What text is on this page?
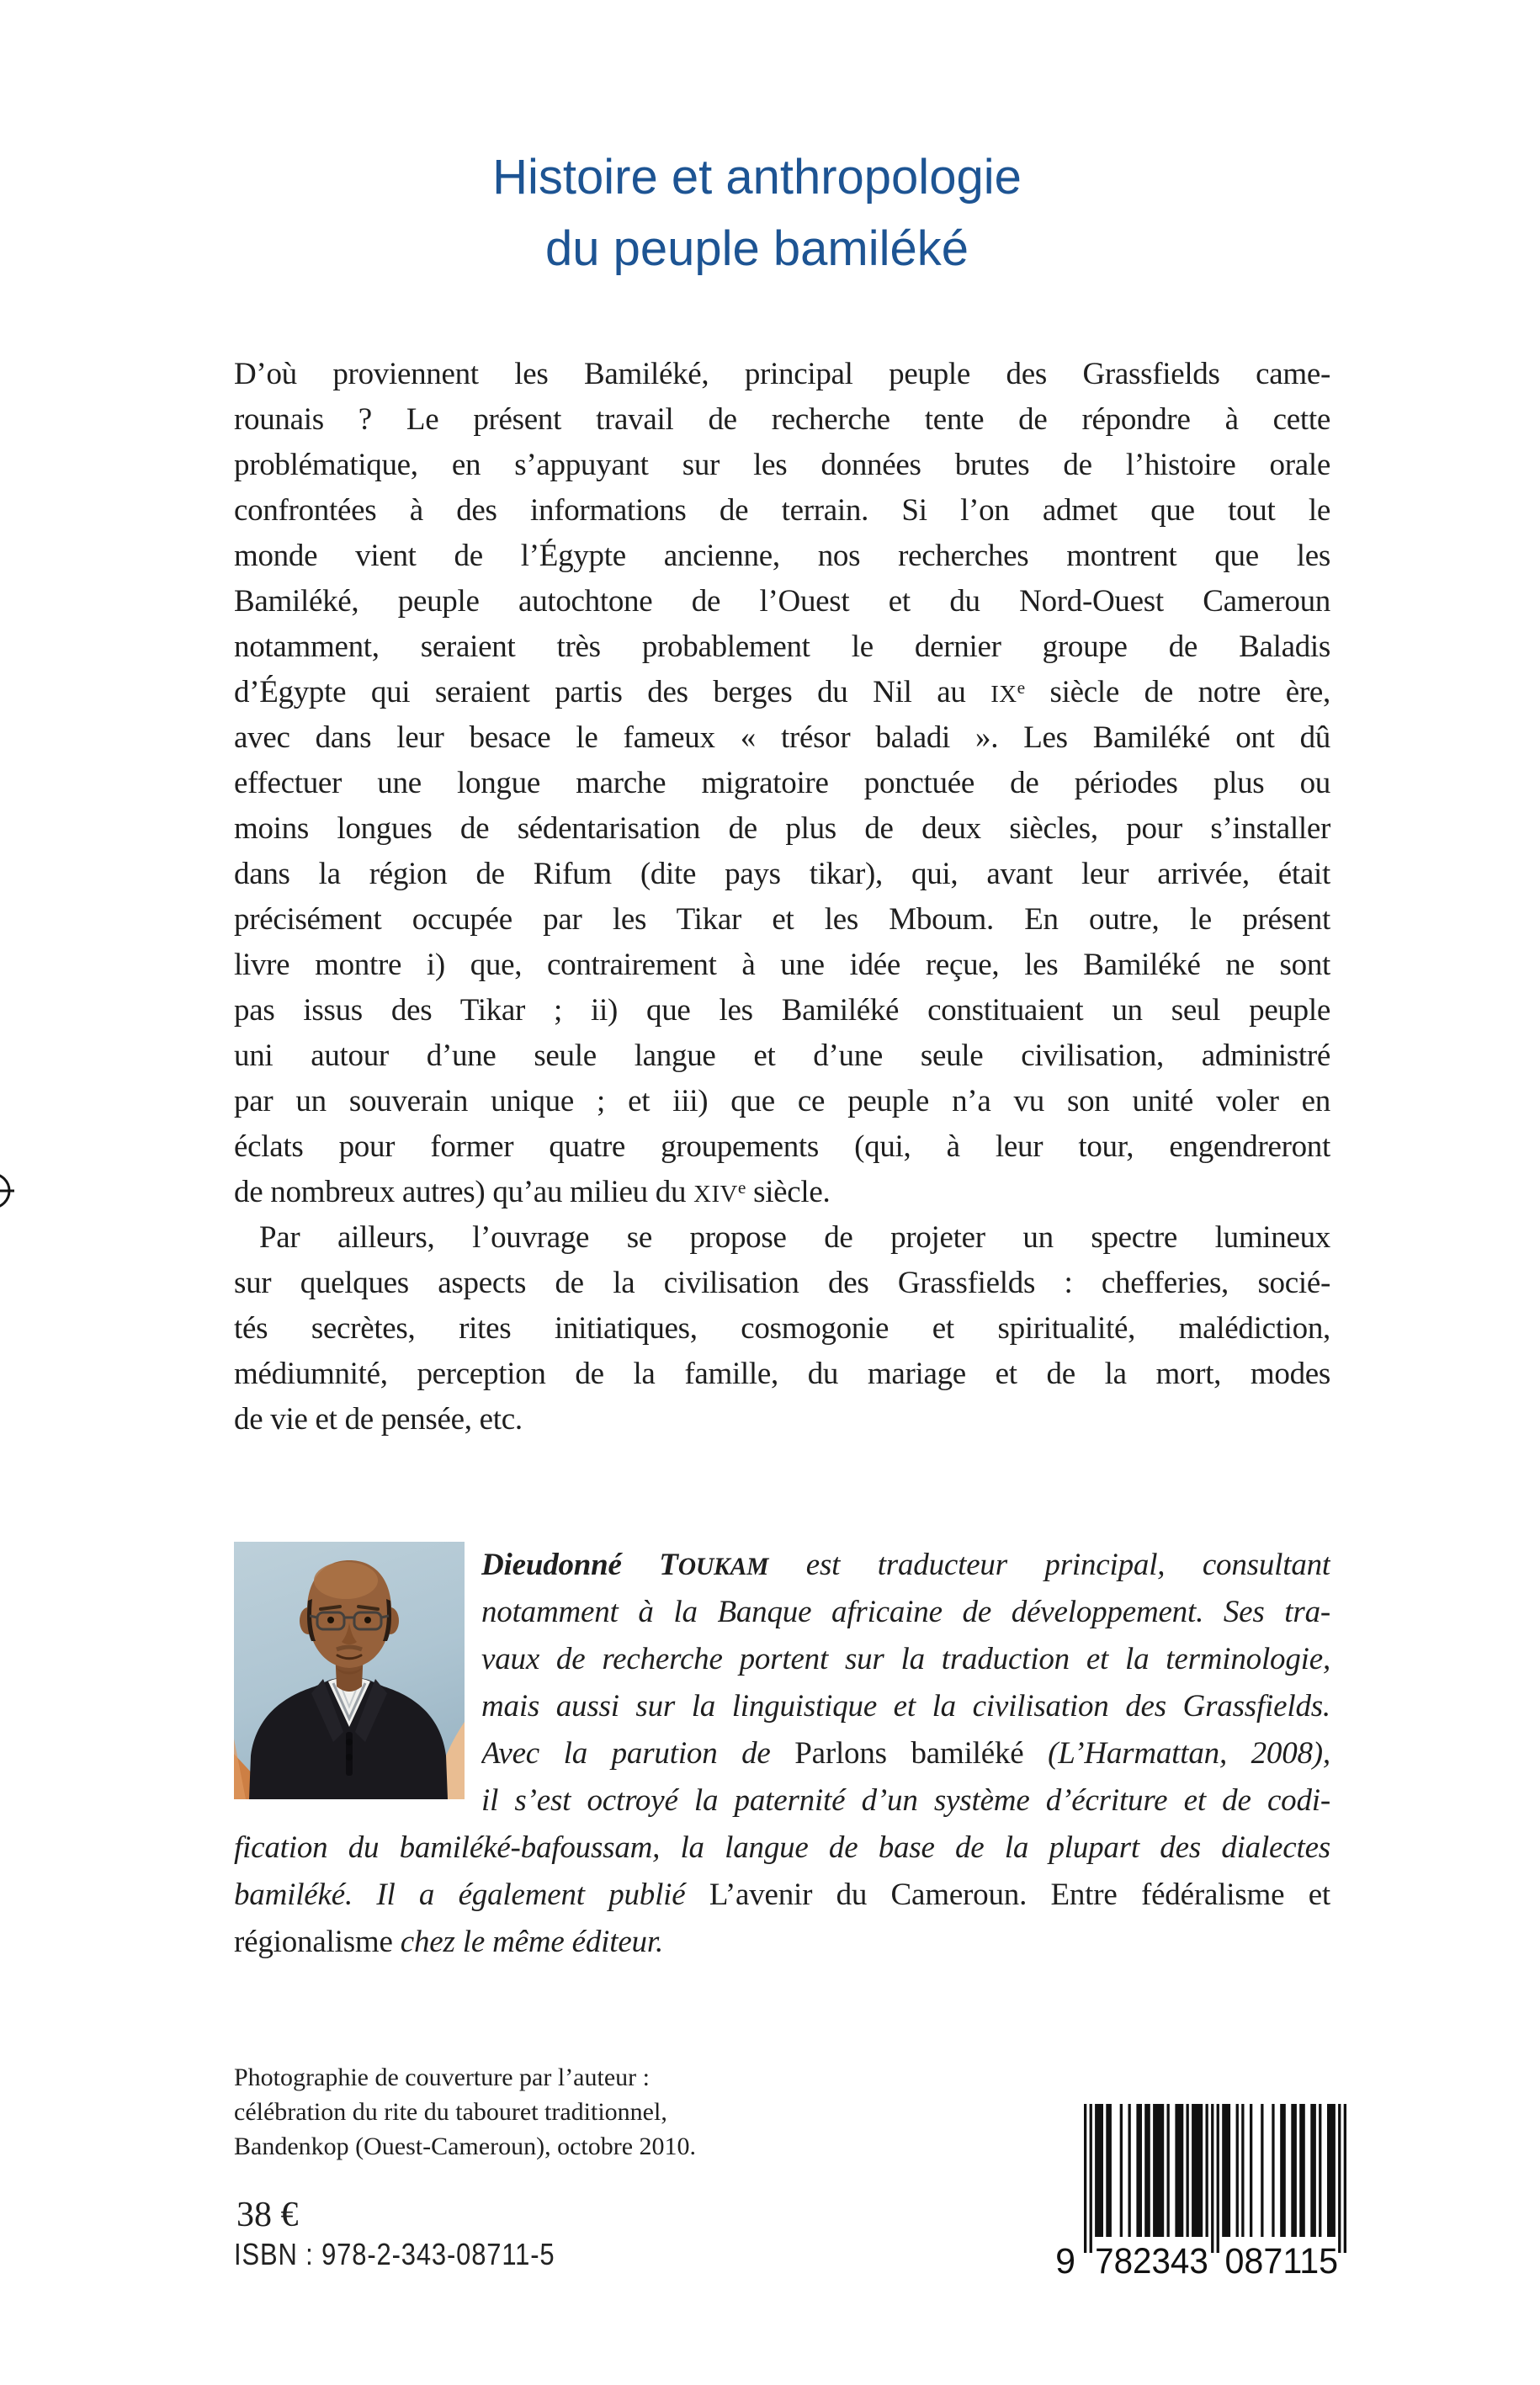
Histoire et anthropologie
du peuple bamiléké
D’où proviennent les Bamiléké, principal peuple des Grassfields came-
rounais ? Le présent travail de recherche tente de répondre à cette
problématique, en s’appuyant sur les données brutes de l’histoire orale
confrontées à des informations de terrain. Si l’on admet que tout le
monde vient de l’Égypte ancienne, nos recherches montrent que les
Bamiléké, peuple autochtone de l’Ouest et du Nord-Ouest Cameroun
notamment, seraient très probablement le dernier groupe de Baladis
d’Égypte qui seraient partis des berges du Nil au IXe siècle de notre ère,
avec dans leur besace le fameux « trésor baladi ». Les Bamiléké ont dû
effectuer une longue marche migratoire ponctuée de périodes plus ou
moins longues de sédentarisation de plus de deux siècles, pour s’installer
dans la région de Rifum (dite pays tikar), qui, avant leur arrivée, était
précisément occupée par les Tikar et les Mboum. En outre, le présent
livre montre i) que, contrairement à une idée reçue, les Bamiléké ne sont
pas issus des Tikar ; ii) que les Bamiléké constituaient un seul peuple
uni autour d’une seule langue et d’une seule civilisation, administré
par un souverain unique ; et iii) que ce peuple n’a vu son unité voler en
éclats pour former quatre groupements (qui, à leur tour, engendreront
de nombreux autres) qu’au milieu du XIVe siècle.
Par ailleurs, l’ouvrage se propose de projeter un spectre lumineux
sur quelques aspects de la civilisation des Grassfields : chefferies, socié-
tés secrètes, rites initiatiques, cosmogonie et spiritualité, malédiction,
médiumnité, perception de la famille, du mariage et de la mort, modes
de vie et de pensée, etc.
Dieudonné TOUKAM est traducteur principal, consultant
notamment à la Banque africaine de développement. Ses tra-
vaux de recherche portent sur la traduction et la terminologie,
mais aussi sur la linguistique et la civilisation des Grassfields.
Avec la parution de Parlons bamiléké (L’Harmattan, 2008),
il s’est octroyé la paternité d’un système d’écriture et de codi-
fication du bamiléké-bafoussam, la langue de base de la plupart des dialectes
bamiléké. Il a également publié L’avenir du Cameroun. Entre fédéralisme et
régionalisme chez le même éditeur.
Photographie de couverture par l’auteur :
célébration du rite du tabouret traditionnel,
Bandenkop (Ouest-Cameroun), octobre 2010.
38 €
ISBN : 978-2-343-08711-5	9 782343 087115
